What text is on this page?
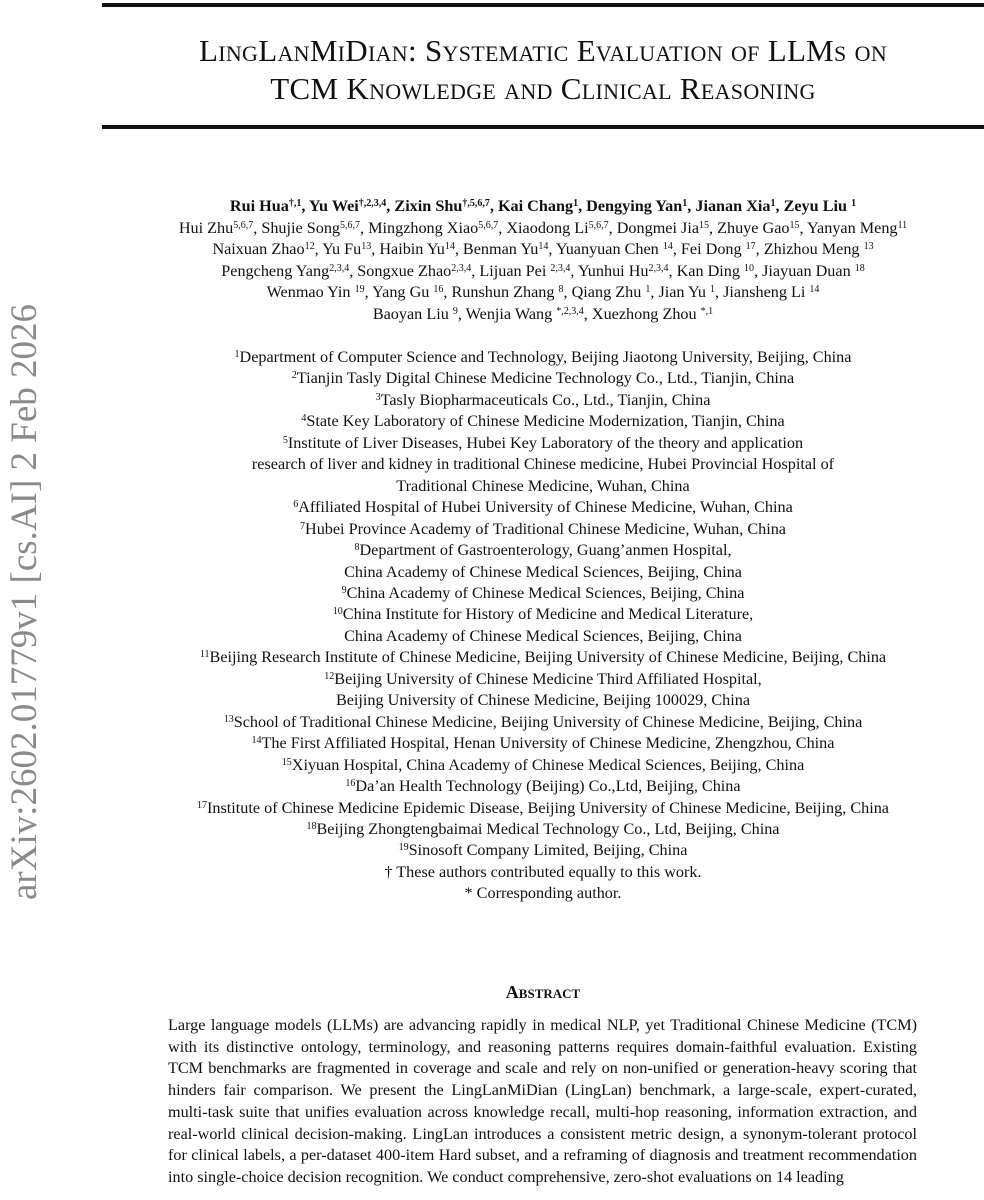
LingLanMiDian: Systematic Evaluation of LLMs on
TCM Knowledge and Clinical Reasoning
arXiv:2602.01779v1 [cs.AI] 2 Feb 2026
Rui Hua$^{\dagger,1}$, Yu Wei$^{\dagger,2,3,4}$, Zixin Shu$^{\dagger,5,6,7}$, Kai Chang$^1$, Dengying Yan$^1$, Jianan Xia$^1$, Zeyu Liu $^1$
Hui Zhu$^{5,6,7}$, Shujie Song$^{5,6,7}$, Mingzhong Xiao$^{5,6,7}$, Xiaodong Li$^{5,6,7}$, Dongmei Jia$^{15}$, Zhuye Gao$^{15}$, Yanyan Meng$^{11}$
Naixuan Zhao$^{12}$, Yu Fu$^{13}$, Haibin Yu$^{14}$, Benman Yu$^{14}$, Yuanyuan Chen $^{14}$, Fei Dong $^{17}$, Zhizhou Meng $^{13}$
Pengcheng Yang$^{2,3,4}$, Songxue Zhao$^{2,3,4}$, Lijuan Pei $^{2,3,4}$, Yunhui Hu$^{2,3,4}$, Kan Ding $^{10}$, Jiayuan Duan $^{18}$
Wenmao Yin $^{19}$, Yang Gu $^{16}$, Runshun Zhang $^8$, Qiang Zhu $^1$, Jian Yu $^1$, Jiansheng Li $^{14}$
Baoyan Liu $^9$, Wenjia Wang $^{*,2,3,4}$, Xuezhong Zhou $^{*,1}$
$^1$Department of Computer Science and Technology, Beijing Jiaotong University, Beijing, China
$^2$Tianjin Tasly Digital Chinese Medicine Technology Co., Ltd., Tianjin, China
$^3$Tasly Biopharmaceuticals Co., Ltd., Tianjin, China
$^4$State Key Laboratory of Chinese Medicine Modernization, Tianjin, China
$^5$Institute of Liver Diseases, Hubei Key Laboratory of the theory and application
research of liver and kidney in traditional Chinese medicine, Hubei Provincial Hospital of
Traditional Chinese Medicine, Wuhan, China
$^6$Affiliated Hospital of Hubei University of Chinese Medicine, Wuhan, China
$^7$Hubei Province Academy of Traditional Chinese Medicine, Wuhan, China
$^8$Department of Gastroenterology, Guang’anmen Hospital,
China Academy of Chinese Medical Sciences, Beijing, China
$^9$China Academy of Chinese Medical Sciences, Beijing, China
$^{10}$China Institute for History of Medicine and Medical Literature,
China Academy of Chinese Medical Sciences, Beijing, China
$^{11}$Beijing Research Institute of Chinese Medicine, Beijing University of Chinese Medicine, Beijing, China
$^{12}$Beijing University of Chinese Medicine Third Affiliated Hospital,
Beijing University of Chinese Medicine, Beijing 100029, China
$^{13}$School of Traditional Chinese Medicine, Beijing University of Chinese Medicine, Beijing, China
$^{14}$The First Affiliated Hospital, Henan University of Chinese Medicine, Zhengzhou, China
$^{15}$Xiyuan Hospital, China Academy of Chinese Medical Sciences, Beijing, China
$^{16}$Da’an Health Technology (Beijing) Co.,Ltd, Beijing, China
$^{17}$Institute of Chinese Medicine Epidemic Disease, Beijing University of Chinese Medicine, Beijing, China
$^{18}$Beijing Zhongtengbaimai Medical Technology Co., Ltd, Beijing, China
$^{19}$Sinosoft Company Limited, Beijing, China
† These authors contributed equally to this work.
* Corresponding author.
Abstract
Large language models (LLMs) are advancing rapidly in medical NLP, yet Traditional Chinese Medicine (TCM) with its distinctive ontology, terminology, and reasoning patterns requires domain-faithful evaluation. Existing TCM benchmarks are fragmented in coverage and scale and rely on non-unified or generation-heavy scoring that hinders fair comparison. We present the LingLanMiDian (LingLan) benchmark, a large-scale, expert-curated, multi-task suite that unifies evaluation across knowledge recall, multi-hop reasoning, information extraction, and real-world clinical decision-making. LingLan introduces a consistent metric design, a synonym-tolerant protocol for clinical labels, a per-dataset 400-item Hard subset, and a reframing of diagnosis and treatment recommendation into single-choice decision recognition. We conduct comprehensive, zero-shot evaluations on 14 leading
